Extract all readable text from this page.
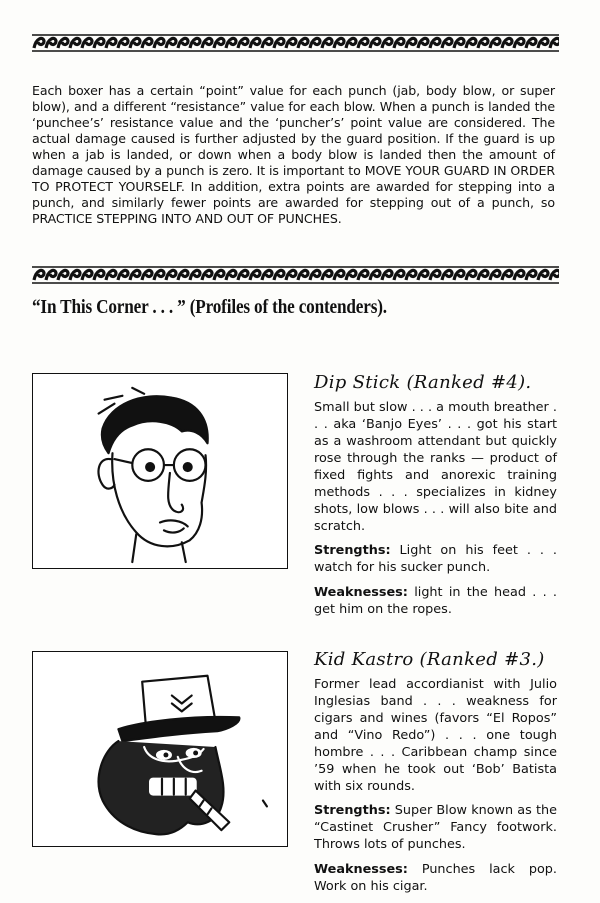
Each boxer has a certain “point” value for each punch (jab, body blow, or super blow), and a different “resistance” value for each blow. When a punch is landed the ‘punchee’s’ resistance value and the ‘puncher’s’ point value are considered. The actual damage caused is further adjusted by the guard position. If the guard is up when a jab is landed, or down when a body blow is landed then the amount of damage caused by a punch is zero. It is important to MOVE YOUR GUARD IN ORDER TO PROTECT YOURSELF. In addition, extra points are awarded for stepping into a punch, and similarly fewer points are awarded for stepping out of a punch, so PRACTICE STEPPING INTO AND OUT OF PUNCHES.

“In This Corner . . . ” (Profiles of the contenders).
Dip Stick (Ranked #4).
Small but slow . . . a mouth breather . . . aka ‘Banjo Eyes’ . . . got his start as a washroom attendant but quickly rose through the ranks — product of fixed fights and anorexic training methods . . . specializes in kidney shots, low blows . . . will also bite and scratch.
Strengths: Light on his feet . . . watch for his sucker punch.
Weaknesses: light in the head . . . get him on the ropes.
Kid Kastro (Ranked #3.)
Former lead accordianist with Julio Inglesias band . . . weakness for cigars and wines (favors “El Ropos” and “Vino Redo”) . . . one tough hombre . . . Caribbean champ since ’59 when he took out ‘Bob’ Batista with six rounds.
Strengths: Super Blow known as the “Castinet Crusher” Fancy footwork. Throws lots of punches.
Weaknesses: Punches lack pop. Work on his cigar.
